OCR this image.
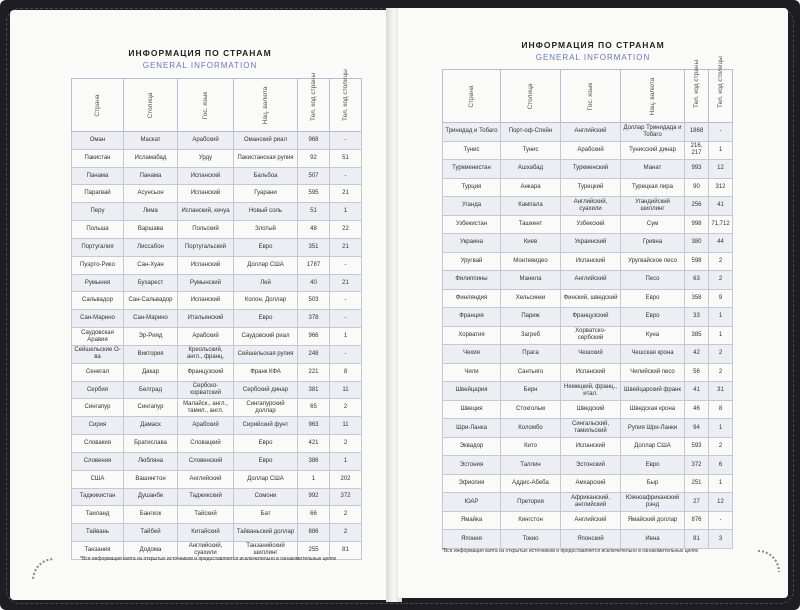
ИНФОРМАЦИЯ ПО СТРАНАМ
GENERAL INFORMATION
Страна	Столица	Гос. язык	Нац. валюта	Тел. код страны	Тел. код столицы

Оман	Маскат	Арабский	Оманский риал	968	-
Пакистан	Исламабад	Урду	Пакистанская рупия	92	51
Панама	Панама	Испанский	Бальбоа	507	-
Парагвай	Асунсьон	Испанский	Гуарани	595	21
Перу	Лима	Испанский, кечуа	Новый соль	51	1
Польша	Варшава	Польский	Злотый	48	22
Португалия	Лиссабон	Португальский	Евро	351	21
Пуэрто-Рико	Сан-Хуан	Испанский	Доллар США	1787	-
Румыния	Бухарест	Румынский	Лей	40	21
Сальвадор	Сан-Сальвадор	Испанский	Колон, Доллар	503	-
Сан-Марино	Сан-Марино	Итальянский	Евро	378	-
Саудовская Аравия	Эр-Рияд	Арабский	Саудовский риал	966	1
Сейшельские О-ва	Виктория	Креольский, англ., франц.	Сейшельская рупия	248	-
Сенегал	Дакар	Французский	Франк КФА	221	8
Сербия	Белград	Сербско-хорватский	Сербский динар	381	11
Сингапур	Сингапур	Малайск., англ., тамил., англ.	Сингапурский доллар	65	2
Сирия	Дамаск	Арабский	Сирийский фунт	963	11
Словакия	Братислава	Словацкий	Евро	421	2
Словения	Любляна	Словенский	Евро	386	1
США	Вашингтон	Английский	Доллар США	1	202
Таджикистан	Душанбе	Таджикский	Сомони	992	372
Таиланд	Бангкок	Тайский	Бат	66	2
Тайвань	Тайбей	Китайский	Тайваньский доллар	886	2
Танзания	Додома	Английский, суахили	Танзанийский шиллинг	255	81
*Вся информация взята из открытых источников и предоставляется исключительно в ознакомительных целях
ИНФОРМАЦИЯ ПО СТРАНАМ
GENERAL INFORMATION
Страна	Столица	Гос. язык	Нац. валюта	Тел. код страны	Тел. код столицы

Тринидад и Тобаго	Порт-оф-Спейн	Английский	Доллар Тринидада и Тобаго	1868	-
Тунис	Тунис	Арабский	Тунисский динар	216, 217	1
Туркменистан	Ашхабад	Туркменский	Манат	993	12
Турция	Анкара	Турецкий	Турецкая лира	90	312
Уганда	Кампала	Английский, суахили	Угандийский шиллинг	256	41
Узбекистан	Ташкент	Узбекский	Сум	998	71,712
Украина	Киев	Украинский	Гривна	380	44
Уругвай	Монтевидео	Испанский	Уругвайское песо	598	2
Филиппины	Манила	Английский	Песо	63	2
Финляндия	Хельсинки	Финский, шведский	Евро	358	9
Франция	Париж	Французский	Евро	33	1
Хорватия	Загреб	Хорватско-сербский	Куна	385	1
Чехия	Прага	Чешский	Чешская крона	42	2
Чили	Сантьяго	Испанский	Чилийский песо	56	2
Швейцария	Берн	Немецкий, франц., итал.	Швейцарский франк	41	31
Швеция	Стокгольм	Шведский	Шведская крона	46	8
Шри-Ланка	Коломбо	Сингальский, тамильский	Рупия Шри-Ланки	94	1
Эквадор	Кито	Испанский	Доллар США	593	2
Эстония	Таллин	Эстонский	Евро	372	6
Эфиопия	Аддис-Абеба	Амхарский	Быр	251	1
ЮАР	Претория	Африканский, английский	Южноафриканский рэнд	27	12
Ямайка	Кингстон	Английский	Ямайский доллар	876	-
Япония	Токио	Японский	Иена	81	3
*Вся информация взята из открытых источников и предоставляется исключительно в ознакомительных целях
